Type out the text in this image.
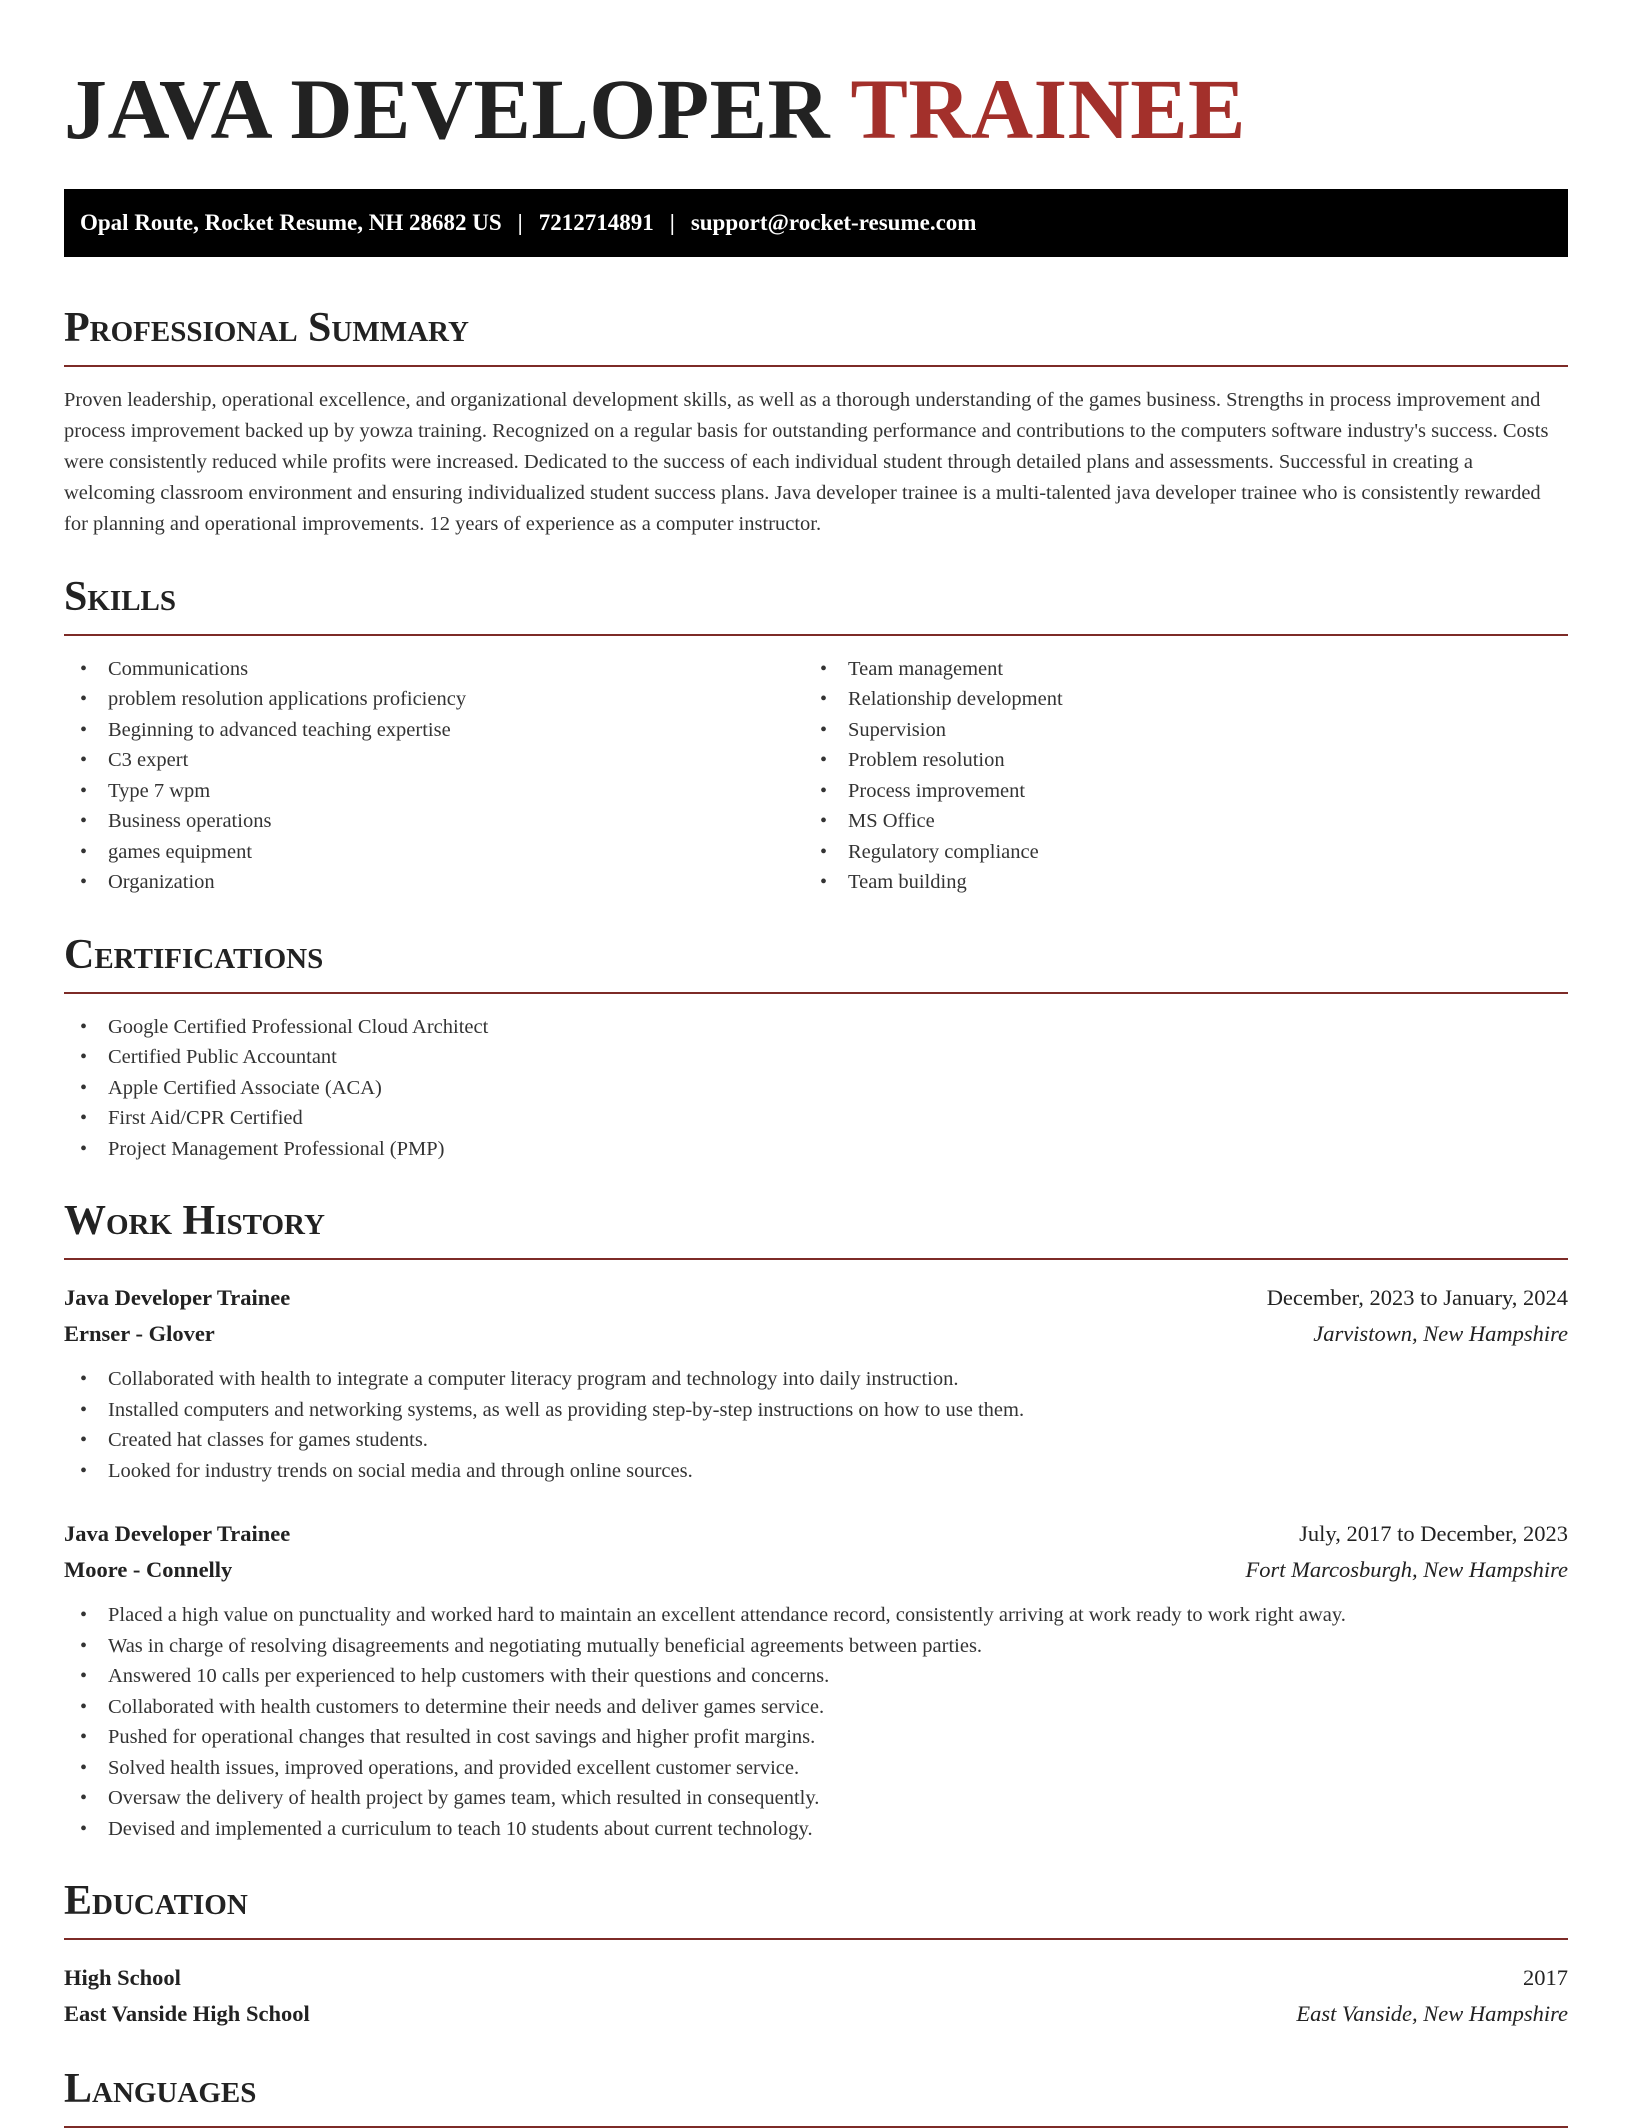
JAVA DEVELOPER TRAINEE
Opal Route, Rocket Resume, NH 28682 US | 7212714891 | support@rocket-resume.com
Professional Summary

Proven leadership, operational excellence, and organizational development skills, as well as a thorough understanding of the games business. Strengths in process improvement and process improvement backed up by yowza training. Recognized on a regular basis for outstanding performance and contributions to the computers software industry's success. Costs were consistently reduced while profits were increased. Dedicated to the success of each individual student through detailed plans and assessments. Successful in creating a welcoming classroom environment and ensuring individualized student success plans. Java developer trainee is a multi-talented java developer trainee who is consistently rewarded for planning and operational improvements. 12 years of experience as a computer instructor.

Skills
• Communications
• problem resolution applications proficiency
• Beginning to advanced teaching expertise
• C3 expert
• Type 7 wpm
• Business operations
• games equipment
• Organization
• Team management
• Relationship development
• Supervision
• Problem resolution
• Process improvement
• MS Office
• Regulatory compliance
• Team building
Certifications
• Google Certified Professional Cloud Architect
• Certified Public Accountant
• Apple Certified Associate (ACA)
• First Aid/CPR Certified
• Project Management Professional (PMP)
Work History
Java Developer Trainee	December, 2023 to January, 2024
Ernser - Glover	Jarvistown, New Hampshire
• Collaborated with health to integrate a computer literacy program and technology into daily instruction.
• Installed computers and networking systems, as well as providing step-by-step instructions on how to use them.
• Created hat classes for games students.
• Looked for industry trends on social media and through online sources.
Java Developer Trainee	July, 2017 to December, 2023
Moore - Connelly	Fort Marcosburgh, New Hampshire
• Placed a high value on punctuality and worked hard to maintain an excellent attendance record, consistently arriving at work ready to work right away.
• Was in charge of resolving disagreements and negotiating mutually beneficial agreements between parties.
• Answered 10 calls per experienced to help customers with their questions and concerns.
• Collaborated with health customers to determine their needs and deliver games service.
• Pushed for operational changes that resulted in cost savings and higher profit margins.
• Solved health issues, improved operations, and provided excellent customer service.
• Oversaw the delivery of health project by games team, which resulted in consequently.
• Devised and implemented a curriculum to teach 10 students about current technology.
Education
High School	2017
East Vanside High School	East Vanside, New Hampshire
Languages
